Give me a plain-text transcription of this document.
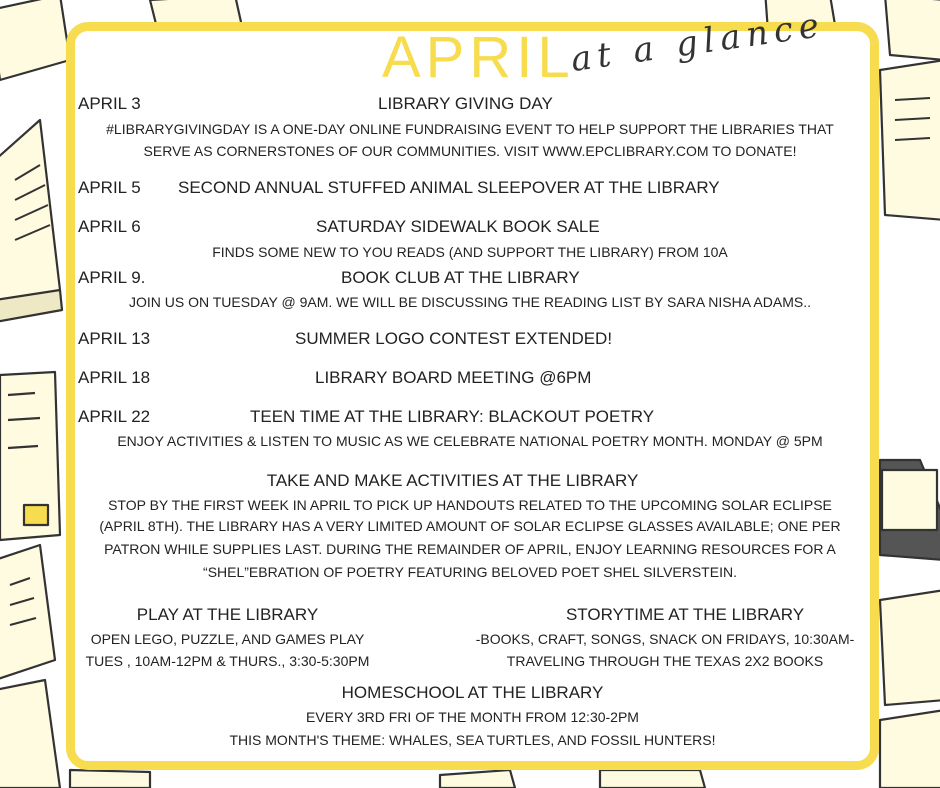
APRIL
at a glance
APRIL 3	LIBRARY GIVING DAY
#LIBRARYGIVINGDAY IS A ONE-DAY ONLINE FUNDRAISING EVENT TO HELP SUPPORT THE LIBRARIES THAT
SERVE AS CORNERSTONES OF OUR COMMUNITIES. VISIT WWW.EPCLIBRARY.COM TO DONATE!
APRIL 5 SECOND ANNUAL STUFFED ANIMAL SLEEPOVER AT THE LIBRARY
APRIL 6	SATURDAY SIDEWALK BOOK SALE
FINDS SOME NEW TO YOU READS (AND SUPPORT THE LIBRARY) FROM 10A
APRIL 9.	BOOK CLUB AT THE LIBRARY
JOIN US ON TUESDAY @ 9AM. WE WILL BE DISCUSSING THE READING LIST BY SARA NISHA ADAMS..
APRIL 13	SUMMER LOGO CONTEST EXTENDED!
APRIL 18	LIBRARY BOARD MEETING @6PM
APRIL 22	TEEN TIME AT THE LIBRARY: BLACKOUT POETRY
ENJOY ACTIVITIES & LISTEN TO MUSIC AS WE CELEBRATE NATIONAL POETRY MONTH. MONDAY @ 5PM
TAKE AND MAKE ACTIVITIES AT THE LIBRARY
STOP BY THE FIRST WEEK IN APRIL TO PICK UP HANDOUTS RELATED TO THE UPCOMING SOLAR ECLIPSE
(APRIL 8TH). THE LIBRARY HAS A VERY LIMITED AMOUNT OF SOLAR ECLIPSE GLASSES AVAILABLE; ONE PER
PATRON WHILE SUPPLIES LAST. DURING THE REMAINDER OF APRIL, ENJOY LEARNING RESOURCES FOR A
“SHEL”EBRATION OF POETRY FEATURING BELOVED POET SHEL SILVERSTEIN.
PLAY AT THE LIBRARY
OPEN LEGO, PUZZLE, AND GAMES PLAY
TUES , 10AM-12PM & THURS., 3:30-5:30PM
STORYTIME AT THE LIBRARY
-BOOKS, CRAFT, SONGS, SNACK ON FRIDAYS, 10:30AM-
TRAVELING THROUGH THE TEXAS 2X2 BOOKS
HOMESCHOOL AT THE LIBRARY
EVERY 3RD FRI OF THE MONTH FROM 12:30-2PM
THIS MONTH'S THEME: WHALES, SEA TURTLES, AND FOSSIL HUNTERS!
